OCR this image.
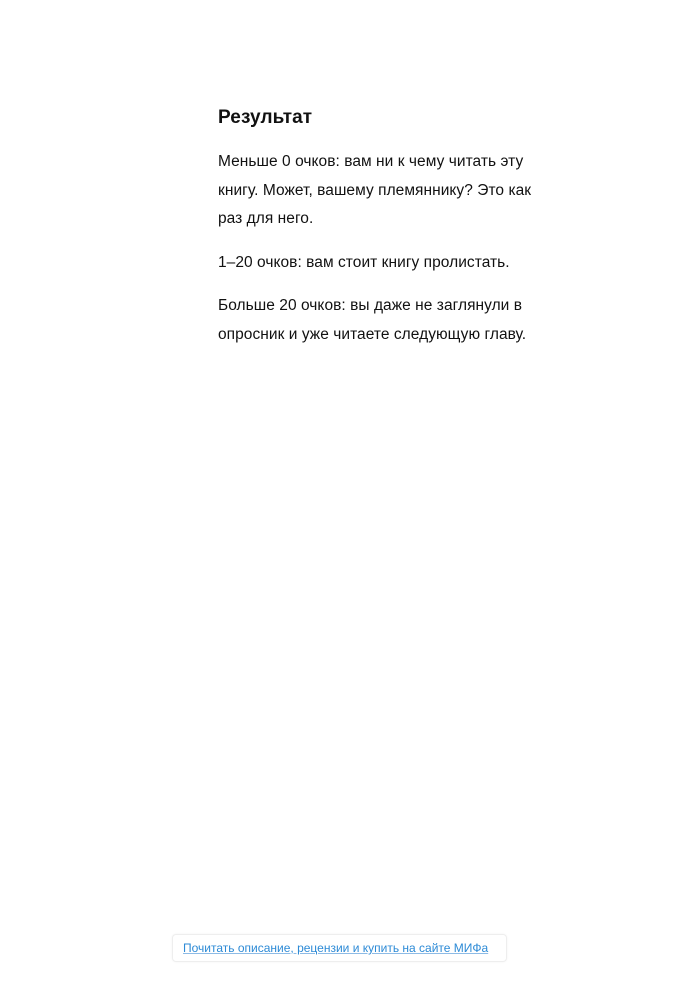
Результат

Меньше 0 очков: вам ни к чему читать эту книгу. Может, вашему племяннику? Это как раз для него.

1–20 очков: вам стоит книгу пролистать.

Больше 20 очков: вы даже не заглянули в опросник и уже читаете следующую главу.

Почитать описание, рецензии и купить на сайте МИФа
